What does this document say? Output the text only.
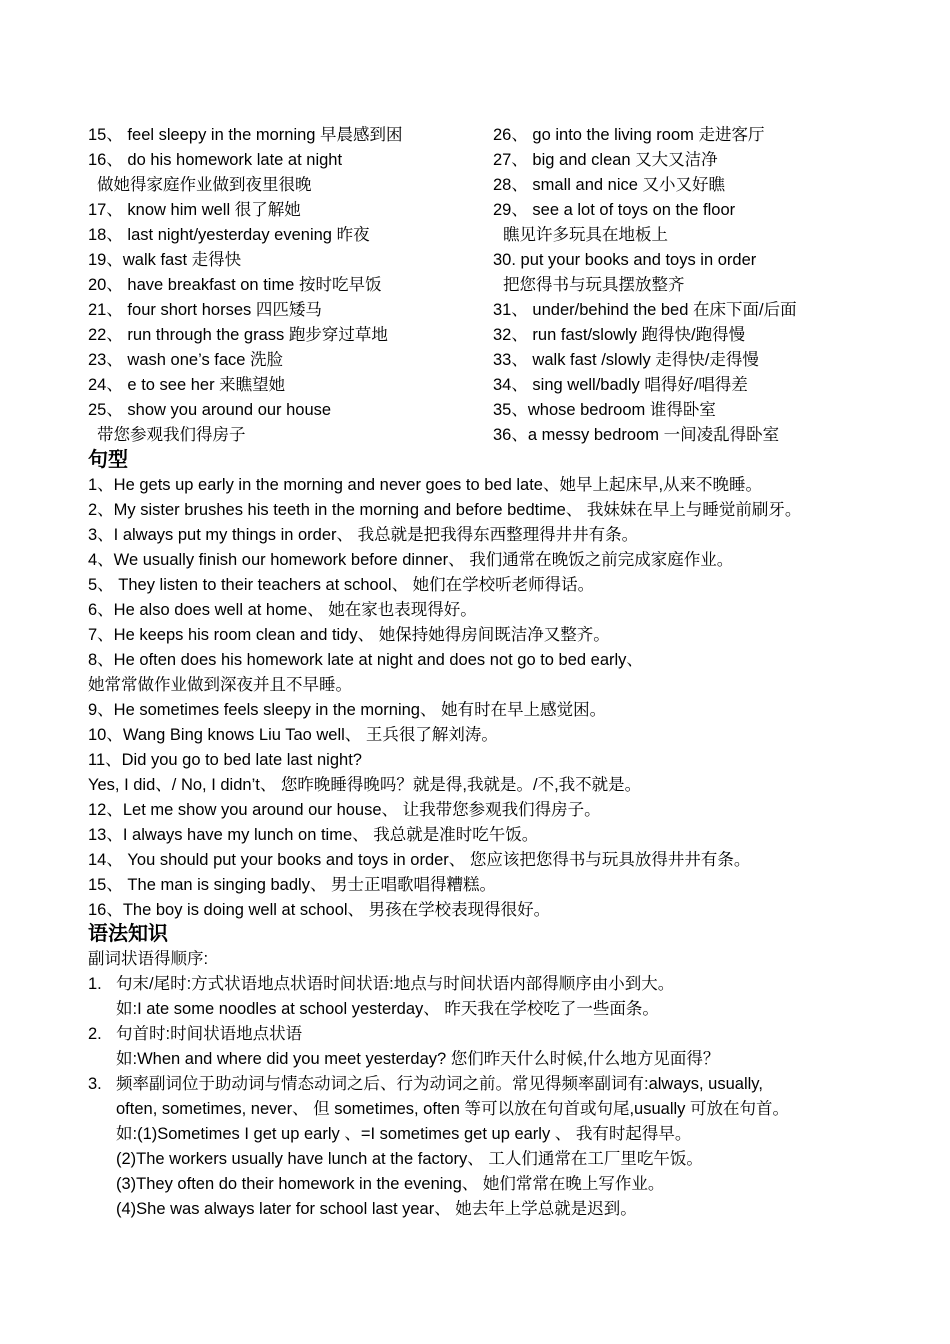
15、 feel sleepy in the morning 早晨感到困
16、 do his homework late at night
做她得家庭作业做到夜里很晚
17、 know him well 很了解她
18、 last night/yesterday evening 昨夜
19、walk fast 走得快
20、 have breakfast on time 按时吃早饭
21、 four short horses 四匹矮马
22、 run through the grass 跑步穿过草地
23、 wash one’s face 洗脸
24、 e to see her 来瞧望她
25、 show you around our house
带您参观我们得房子
26、 go into the living room 走进客厅
27、 big and clean 又大又洁净
28、 small and nice 又小又好瞧
29、 see a lot of toys on the floor
瞧见许多玩具在地板上
30. put your books and toys in order
把您得书与玩具摆放整齐
31、 under/behind the bed 在床下面/后面
32、 run fast/slowly 跑得快/跑得慢
33、 walk fast /slowly 走得快/走得慢
34、 sing well/badly 唱得好/唱得差
35、whose bedroom 谁得卧室
36、a messy bedroom 一间凌乱得卧室
句型
1、He gets up early in the morning and never goes to bed late、她早上起床早,从来不晚睡。
2、My sister brushes his teeth in the morning and before bedtime、 我妹妹在早上与睡觉前刷牙。
3、I always put my things in order、 我总就是把我得东西整理得井井有条。
4、We usually finish our homework before dinner、 我们通常在晚饭之前完成家庭作业。
5、 They listen to their teachers at school、 她们在学校听老师得话。
6、He also does well at home、 她在家也表现得好。
7、He keeps his room clean and tidy、 她保持她得房间既洁净又整齐。
8、He often does his homework late at night and does not go to bed early、
她常常做作业做到深夜并且不早睡。
9、He sometimes feels sleepy in the morning、 她有时在早上感觉困。
10、Wang Bing knows Liu Tao well、 王兵很了解刘涛。
11、Did you go to bed late last night?
Yes, I did、/ No, I didn’t、 您昨晚睡得晚吗？就是得,我就是。/不,我不就是。
12、Let me show you around our house、 让我带您参观我们得房子。
13、I always have my lunch on time、 我总就是准时吃午饭。
14、 You should put your books and toys in order、 您应该把您得书与玩具放得井井有条。
15、 The man is singing badly、 男士正唱歌唱得糟糕。
16、The boy is doing well at school、 男孩在学校表现得很好。
语法知识
副词状语得顺序:
1. 句末/尾时:方式状语地点状语时间状语:地点与时间状语内部得顺序由小到大。
如:I ate some noodles at school yesterday、 昨天我在学校吃了一些面条。
2. 句首时:时间状语地点状语
如:When and where did you meet yesterday? 您们昨天什么时候,什么地方见面得？
3. 频率副词位于助动词与情态动词之后、行为动词之前。常见得频率副词有:always, usually,
often, sometimes, never、 但 sometimes, often 等可以放在句首或句尾,usually 可放在句首。
如:(1)Sometimes I get up early 、=I sometimes get up early 、 我有时起得早。
(2)The workers usually have lunch at the factory、 工人们通常在工厂里吃午饭。
(3)They often do their homework in the evening、 她们常常在晚上写作业。
(4)She was always later for school last year、 她去年上学总就是迟到。
